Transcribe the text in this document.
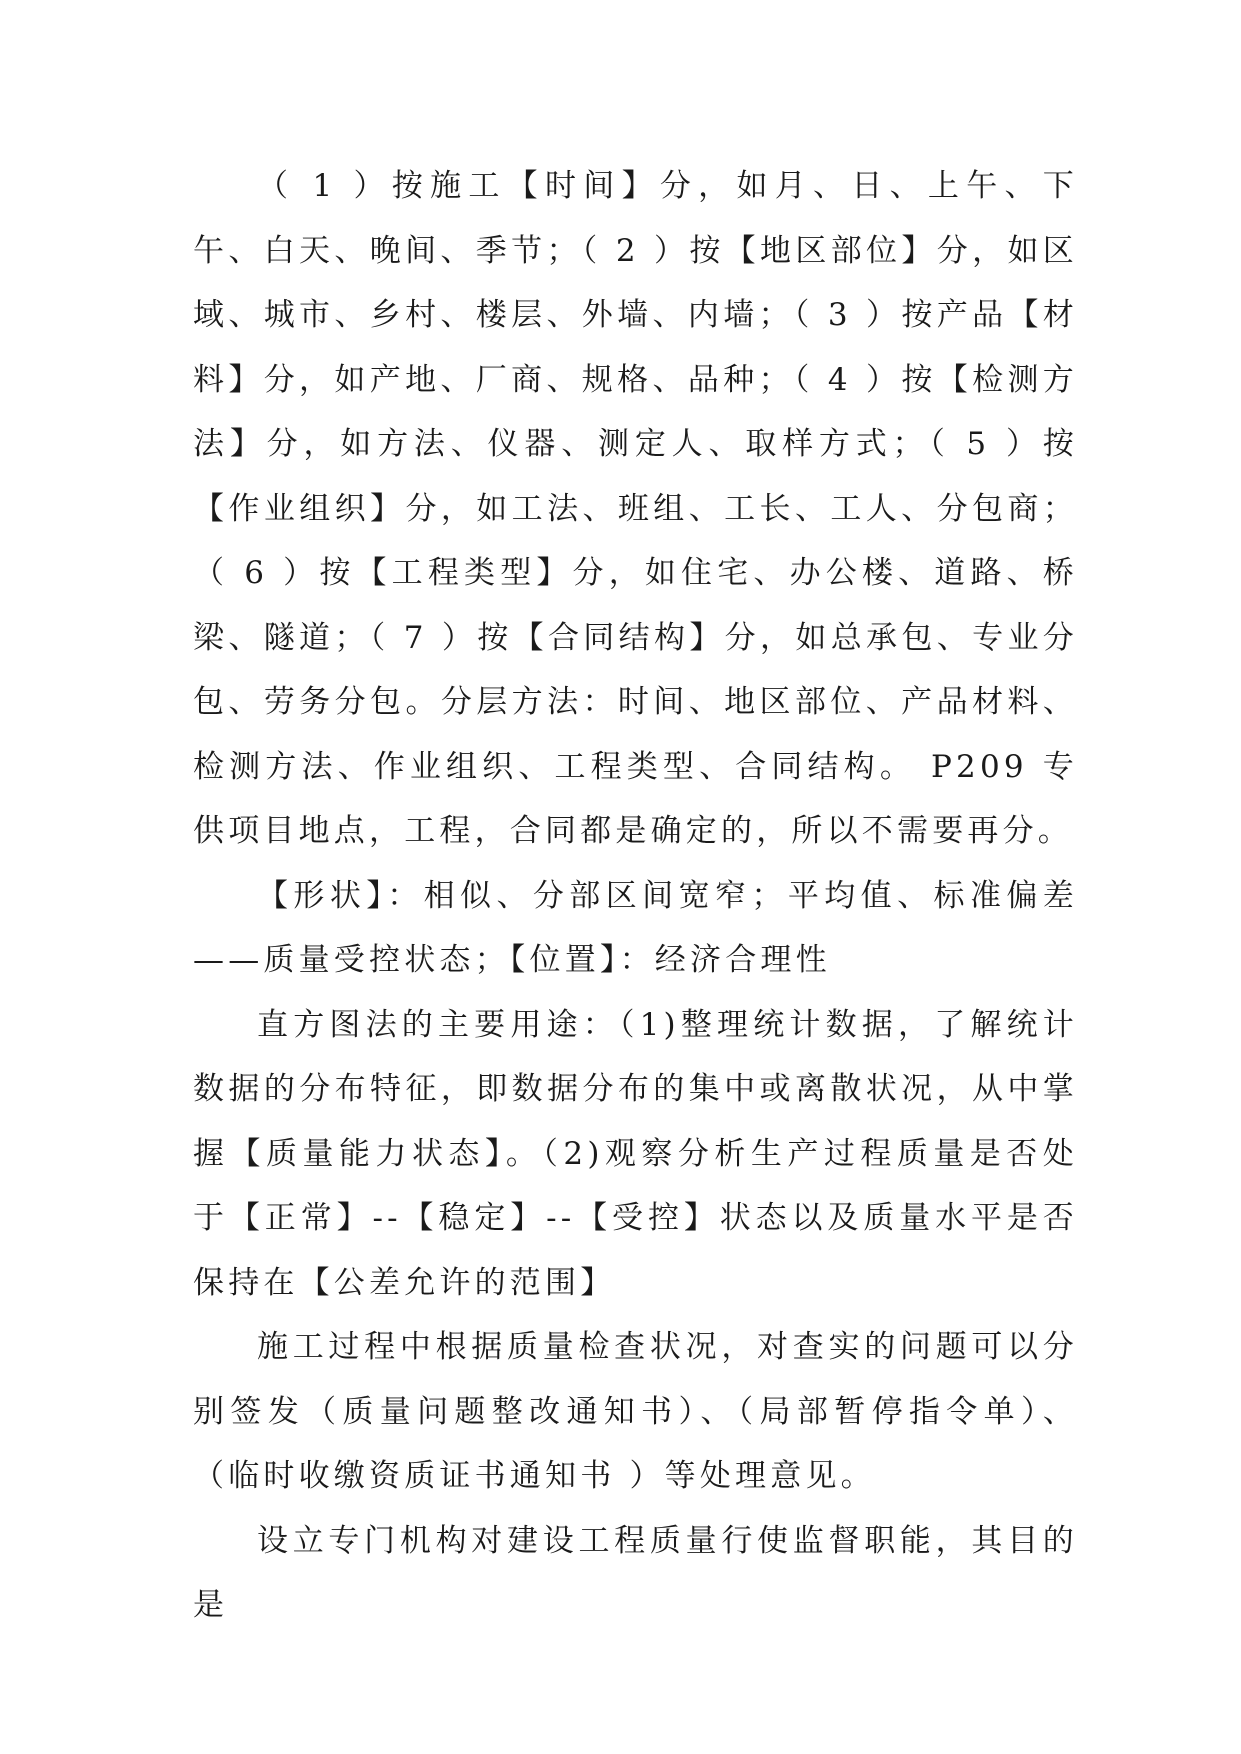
（ 1 ）按施工【时间】分，如月、日、上午、下午、白天、晚间、季节；（ 2 ）按【地区部位】分，如区域、城市、乡村、楼层、外墙、内墙；（ 3 ）按产品【材料】分，如产地、厂商、规格、品种；（ 4 ）按【检测方法】分，如方法、仪器、测定人、取样方式；（ 5 ）按【作业组织】分，如工法、班组、工长、工人、分包商；（ 6 ）按【工程类型】分，如住宅、办公楼、道路、桥梁、隧道；（ 7 ）按【合同结构】分，如总承包、专业分包、劳务分包。分层方法：时间、地区部位、产品材料、检测方法、作业组织、工程类型、合同结构。 P209 专供项目地点，工程，合同都是确定的，所以不需要再分。

【形状】：相似、分部区间宽窄；平均值、标准偏差——质量受控状态；【位置】：经济合理性

直方图法的主要用途：（1)整理统计数据，了解统计数据的分布特征，即数据分布的集中或离散状况，从中掌握【质量能力状态】。（2)观察分析生产过程质量是否处于【正常】--【稳定】--【受控】状态以及质量水平是否保持在【公差允许的范围】

施工过程中根据质量检查状况，对查实的问题可以分别签发（质量问题整改通知书）、（局部暂停指令单）、（临时收缴资质证书通知书 ）等处理意见。

设立专门机构对建设工程质量行使监督职能，其目的是
